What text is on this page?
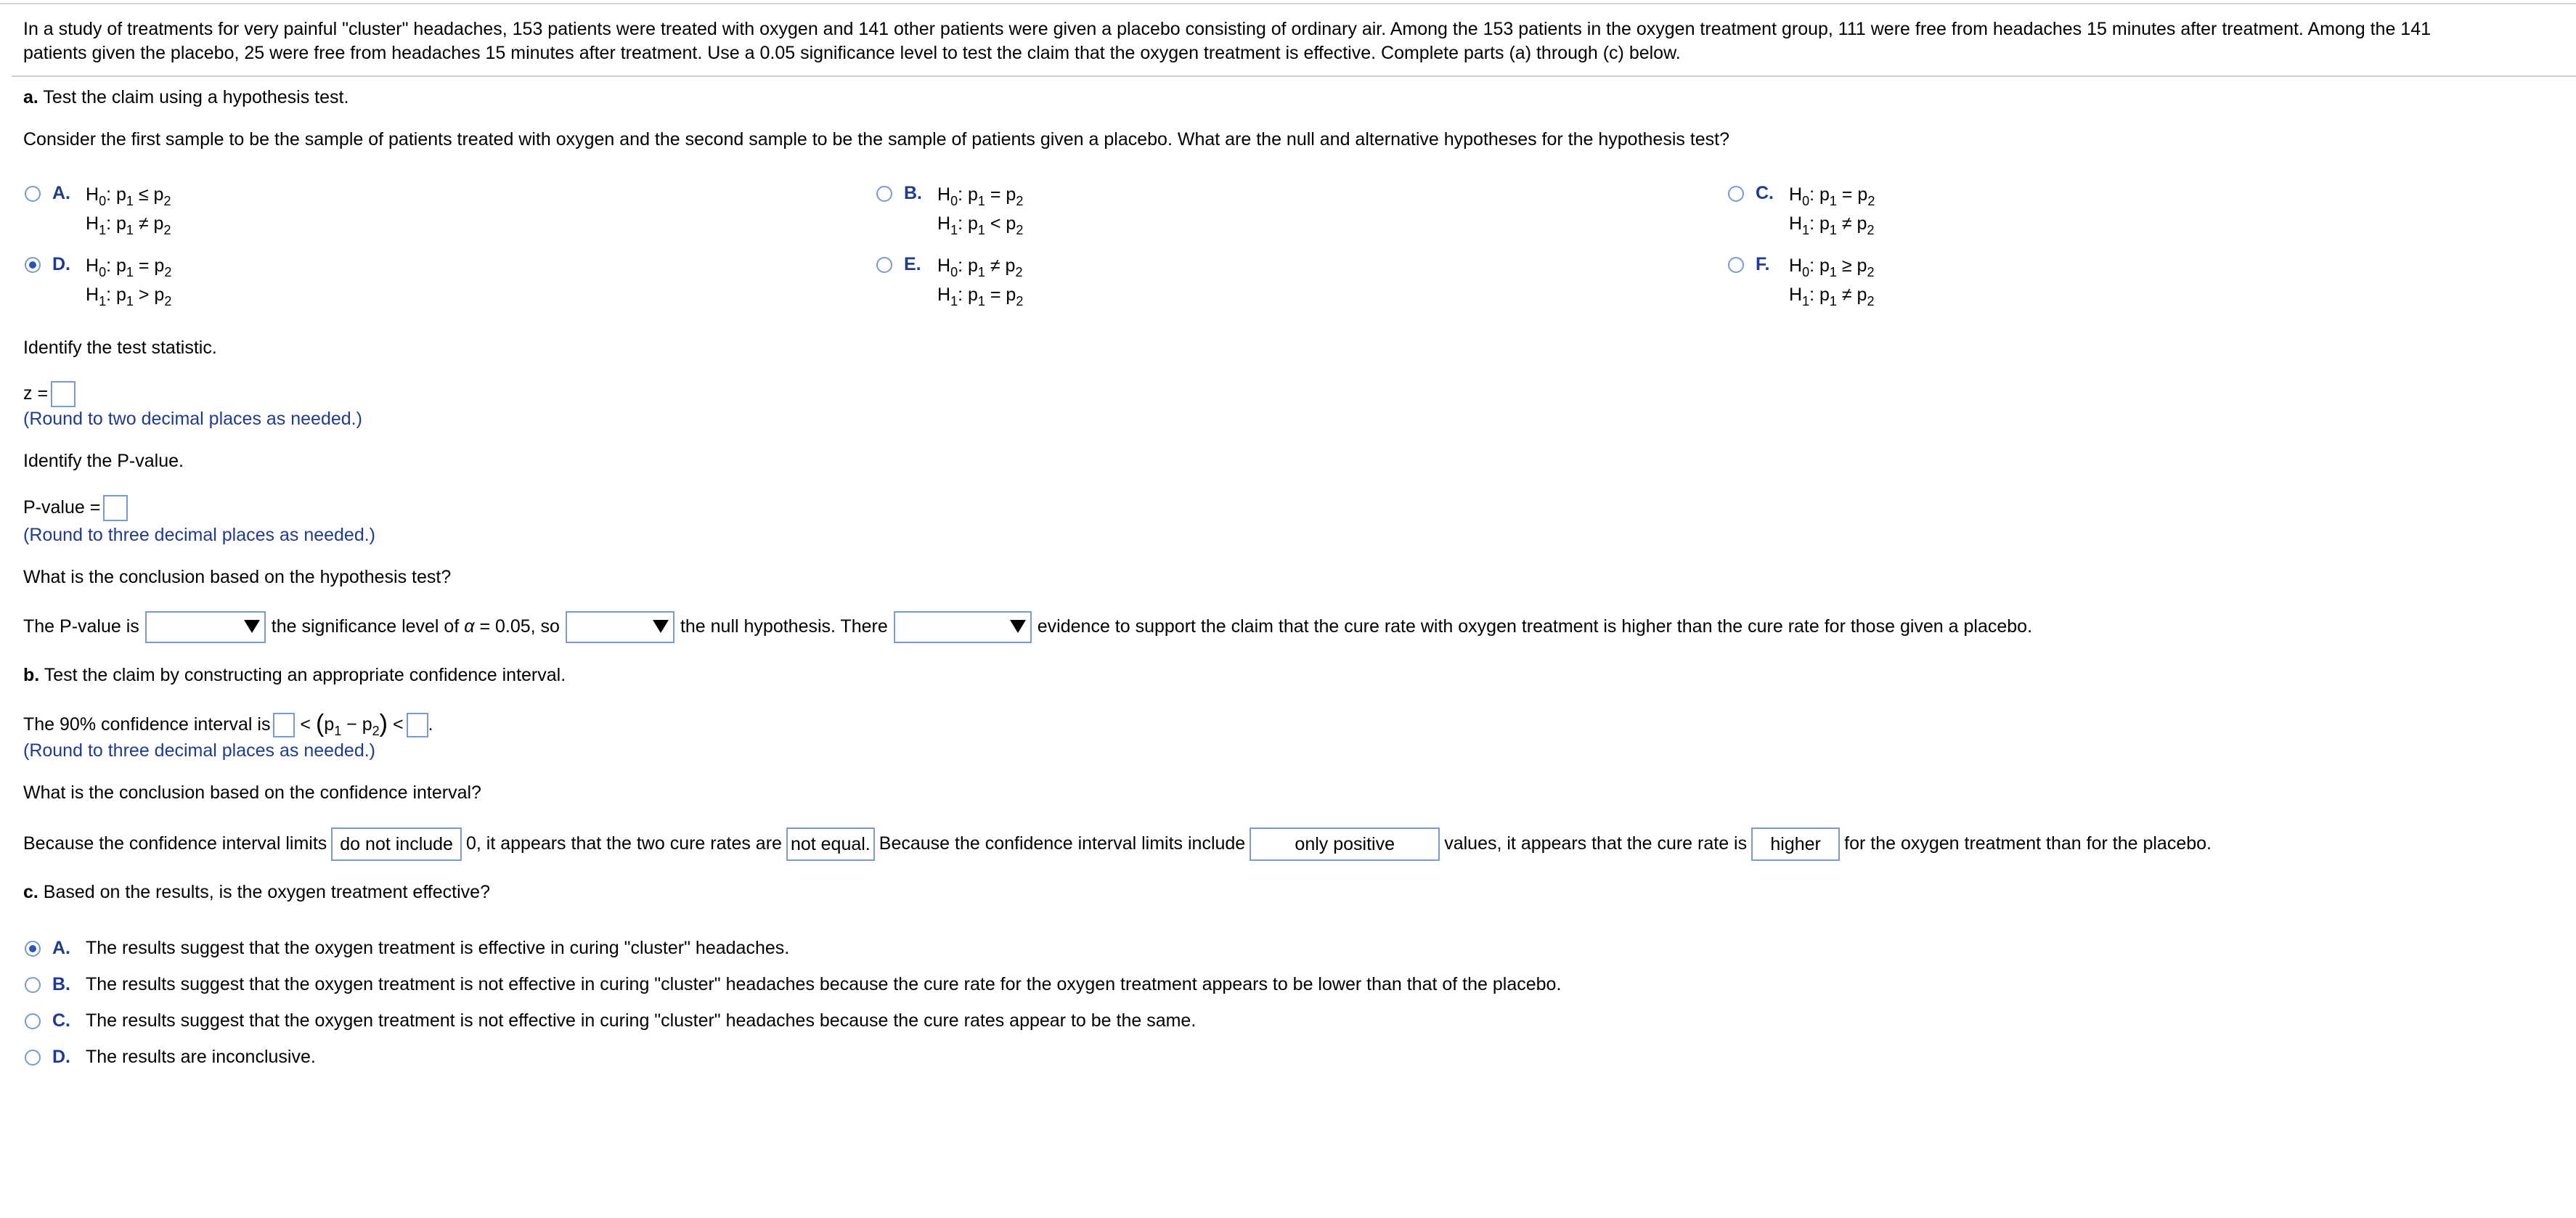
In a study of treatments for very painful "cluster" headaches, 153 patients were treated with oxygen and 141 other patients were given a placebo consisting of ordinary air. Among the 153 patients in the oxygen treatment group, 111 were free from headaches 15 minutes after treatment. Among the 141
patients given the placebo, 25 were free from headaches 15 minutes after treatment. Use a 0.05 significance level to test the claim that the oxygen treatment is effective. Complete parts (a) through (c) below.
a. Test the claim using a hypothesis test.
Consider the first sample to be the sample of patients treated with oxygen and the second sample to be the sample of patients given a placebo. What are the null and alternative hypotheses for the hypothesis test?
A. $H_0$: $p_1 \le p_2$
$H_1$: $p_1 \ne p_2$
B. $H_0$: $p_1 = p_2$
$H_1$: $p_1 < p_2$
C. $H_0$: $p_1 = p_2$
$H_1$: $p_1 \ne p_2$
D. $H_0$: $p_1 = p_2$
$H_1$: $p_1 > p_2$
E. $H_0$: $p_1 \ne p_2$
$H_1$: $p_1 = p_2$
F. $H_0$: $p_1 \ge p_2$
$H_1$: $p_1 \ne p_2$
Identify the test statistic.
z =
(Round to two decimal places as needed.)
Identify the P-value.
P-value =
(Round to three decimal places as needed.)
What is the conclusion based on the hypothesis test?
The P-value is	the significance level of α = 0.05, so	the null hypothesis. There	evidence to support the claim that the cure rate with oxygen treatment is higher than the cure rate for those given a placebo.
b. Test the claim by constructing an appropriate confidence interval.
The 90% confidence interval is < $(p_1 - p_2)$ < .
(Round to three decimal places as needed.)
What is the conclusion based on the confidence interval?
Because the confidence interval limits do not include 0, it appears that the two cure rates are not equal. Because the confidence interval limits include	only positive	values, it appears that the cure rate is higher for the oxygen treatment than for the placebo.
c. Based on the results, is the oxygen treatment effective?
A. The results suggest that the oxygen treatment is effective in curing "cluster" headaches.
B. The results suggest that the oxygen treatment is not effective in curing "cluster" headaches because the cure rate for the oxygen treatment appears to be lower than that of the placebo.
C. The results suggest that the oxygen treatment is not effective in curing "cluster" headaches because the cure rates appear to be the same.
D. The results are inconclusive.
